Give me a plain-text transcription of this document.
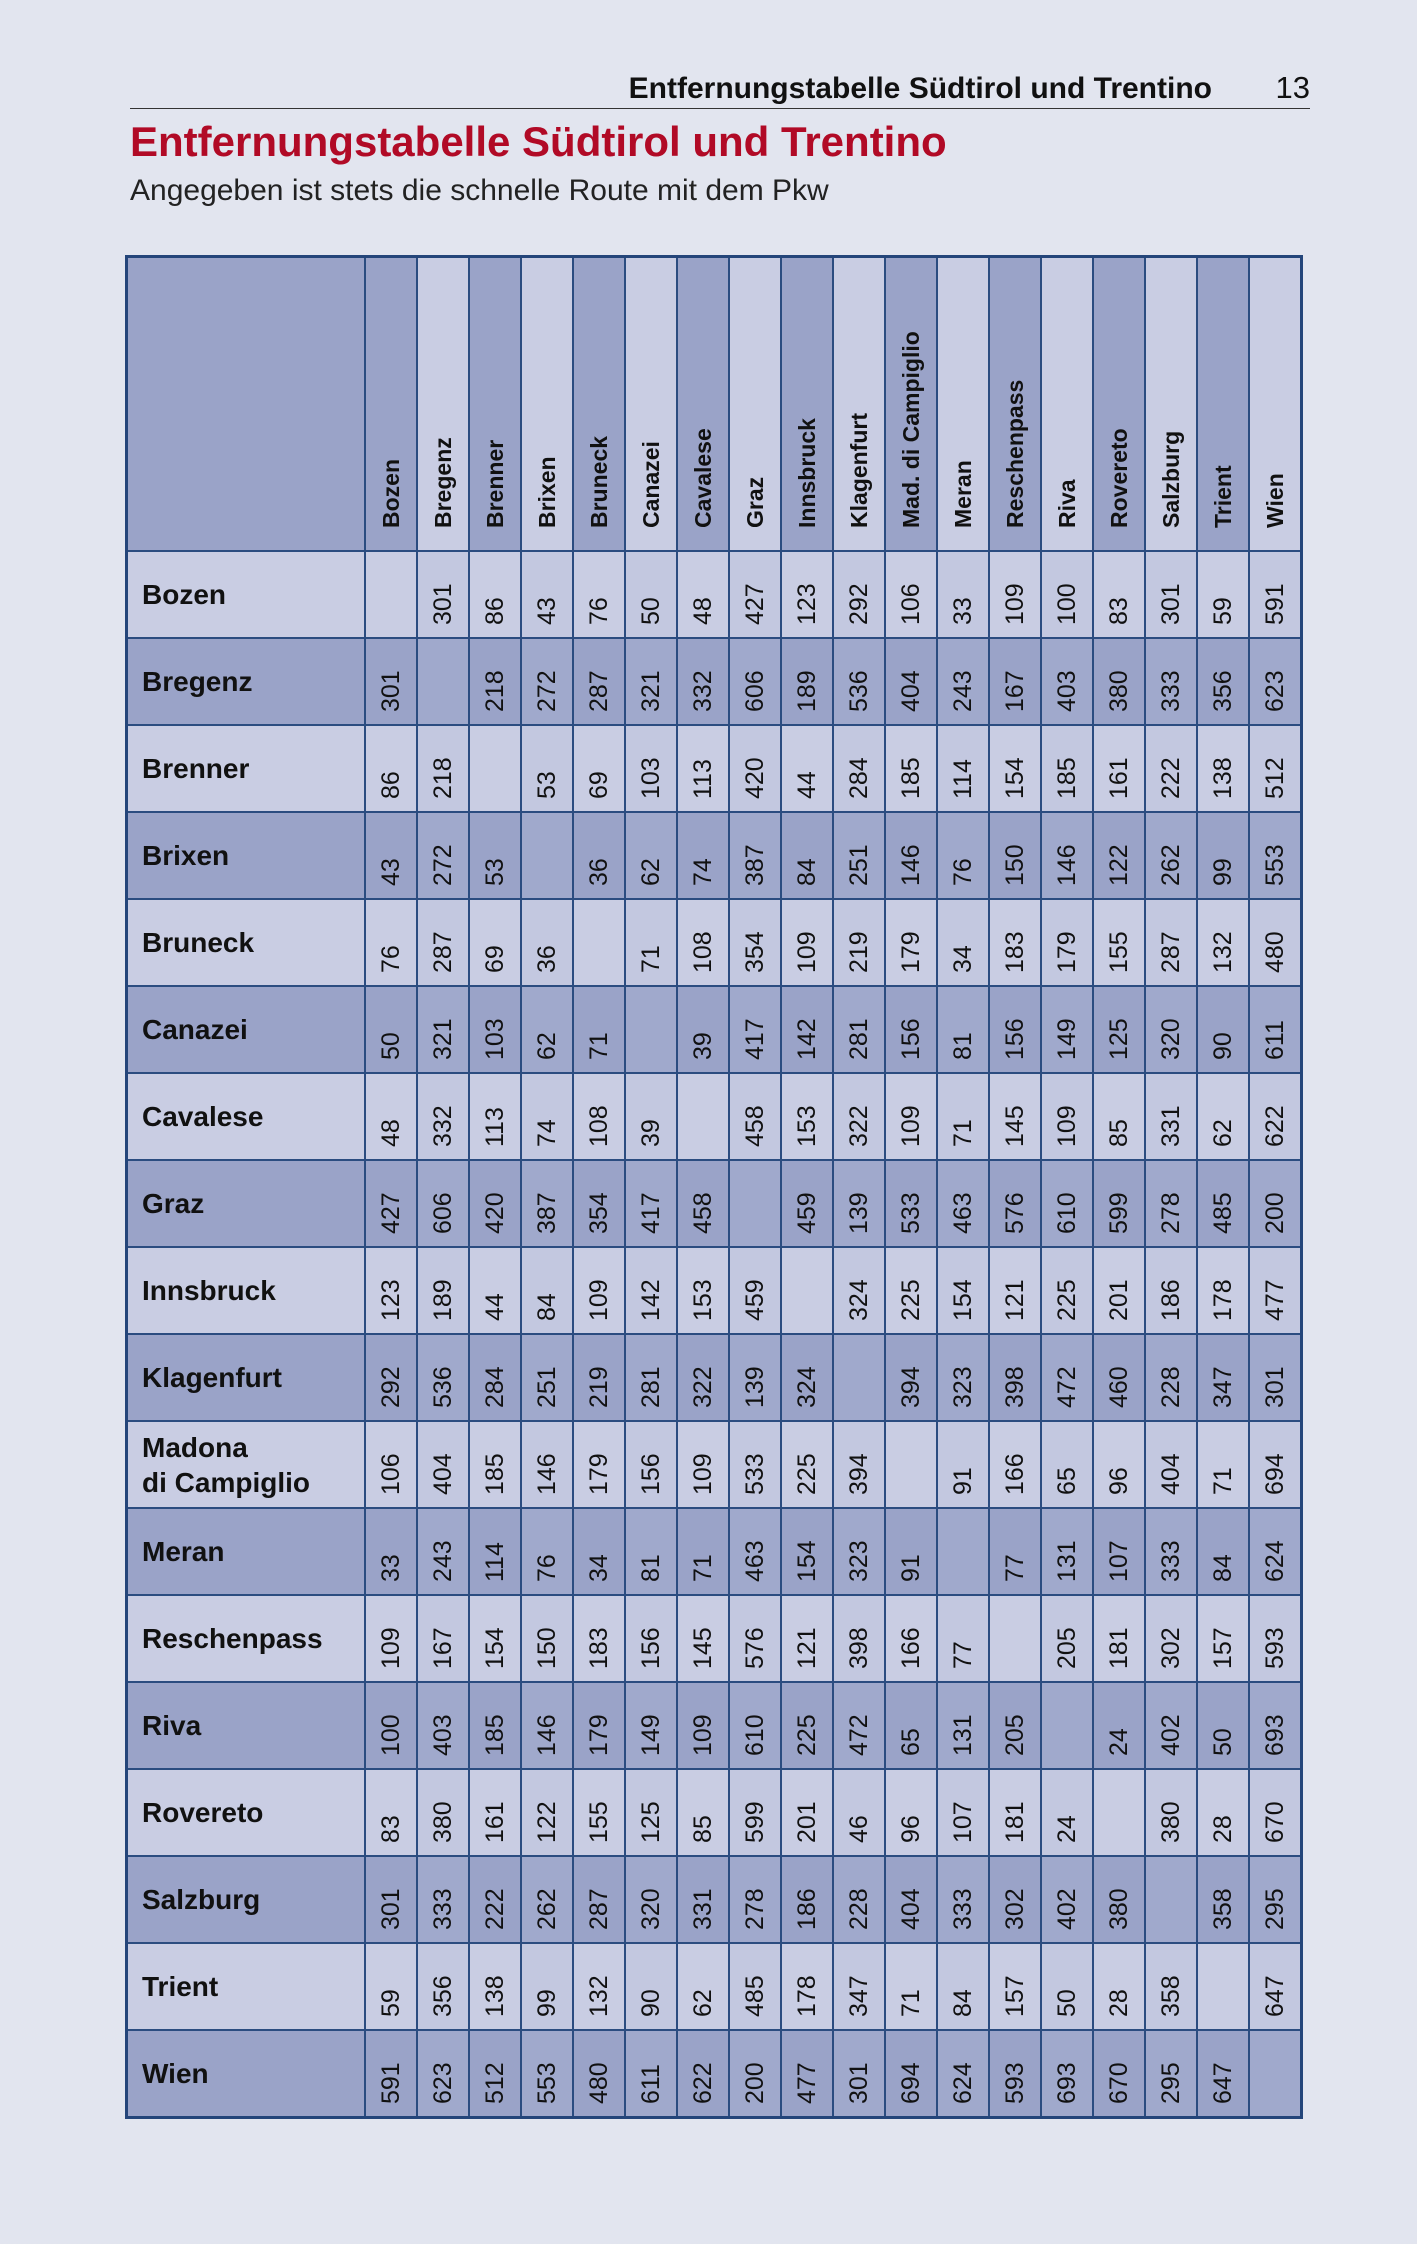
Entfernungstabelle Südtirol und Trentino 13
Entfernungstabelle Südtirol und Trentino

Angegeben ist stets die schnelle Route mit dem Pkw

	Bozen	Bregenz	Brenner	Brixen	Bruneck	Canazei	Cavalese	Graz	Innsbruck	Klagenfurt	Mad. di Campiglio	Meran	Reschenpass	Riva	Rovereto	Salzburg	Trient	Wien

Bozen		301	86	43	76	50	48	427	123	292	106	33	109	100	83	301	59	591

Bregenz	301		218	272	287	321	332	606	189	536	404	243	167	403	380	333	356	623

Brenner	86	218		53	69	103	113	420	44	284	185	114	154	185	161	222	138	512

Brixen	43	272	53		36	62	74	387	84	251	146	76	150	146	122	262	99	553

Bruneck	76	287	69	36		71	108	354	109	219	179	34	183	179	155	287	132	480

Canazei	50	321	103	62	71		39	417	142	281	156	81	156	149	125	320	90	611

Cavalese	48	332	113	74	108	39		458	153	322	109	71	145	109	85	331	62	622

Graz	427	606	420	387	354	417	458		459	139	533	463	576	610	599	278	485	200

Innsbruck	123	189	44	84	109	142	153	459		324	225	154	121	225	201	186	178	477

Klagenfurt	292	536	284	251	219	281	322	139	324		394	323	398	472	460	228	347	301

Madona
di Campiglio	106	404	185	146	179	156	109	533	225	394		91	166	65	96	404	71	694

Meran	33	243	114	76	34	81	71	463	154	323	91		77	131	107	333	84	624

Reschenpass	109	167	154	150	183	156	145	576	121	398	166	77		205	181	302	157	593

Riva	100	403	185	146	179	149	109	610	225	472	65	131	205		24	402	50	693

Rovereto	83	380	161	122	155	125	85	599	201	46	96	107	181	24		380	28	670

Salzburg	301	333	222	262	287	320	331	278	186	228	404	333	302	402	380		358	295

Trient	59	356	138	99	132	90	62	485	178	347	71	84	157	50	28	358		647

Wien	591	623	512	553	480	611	622	200	477	301	694	624	593	693	670	295	647	
